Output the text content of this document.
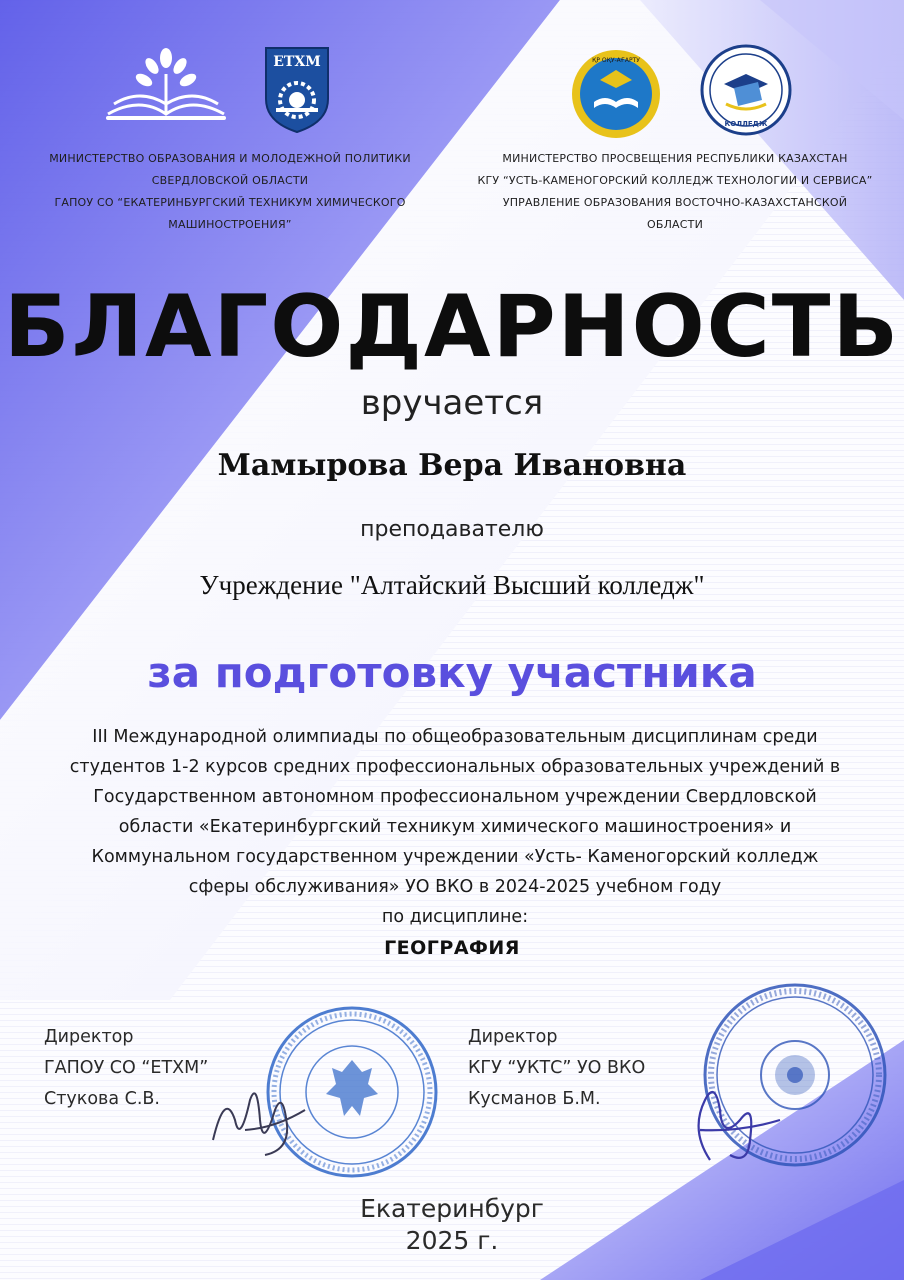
ЕТХМ	ҚР ОҚУ-АҒАРТУ
КОЛЛЕДЖ
МИНИСТЕРСТВО ОБРАЗОВАНИЯ И МОЛОДЕЖНОЙ ПОЛИТИКИ
СВЕРДЛОВСКОЙ ОБЛАСТИ
ГАПОУ СО “ЕКАТЕРИНБУРГСКИЙ ТЕХНИКУМ ХИМИЧЕСКОГО
МАШИНОСТРОЕНИЯ”
МИНИСТЕРСТВО ПРОСВЕЩЕНИЯ РЕСПУБЛИКИ КАЗАХСТАН
КГУ “УСТЬ-КАМЕНОГОРСКИЙ КОЛЛЕДЖ ТЕХНОЛОГИИ И СЕРВИСА”
УПРАВЛЕНИЕ ОБРАЗОВАНИЯ ВОСТОЧНО-КАЗАХСТАНСКОЙ
ОБЛАСТИ
БЛАГОДАРНОСТЬ
вручается
Мамырова Вера Ивановна
преподавателю
Учреждение "Алтайский Высший колледж"
за подготовку участника
III Международной олимпиады по общеобразовательным дисциплинам среди
студентов 1-2 курсов средних профессиональных образовательных учреждений в
Государственном автономном профессиональном учреждении Свердловской
области «Екатеринбургский техникум химического машиностроения» и
Коммунальном государственном учреждении «Усть- Каменогорский колледж
сферы обслуживания» УО ВКО в 2024-2025 учебном году
по дисциплине:
ГЕОГРАФИЯ
Директор
ГАПОУ СО “ЕТХМ”
Стукова С.В.
Директор
КГУ “УКТС” УО ВКО
Кусманов Б.М.
Екатеринбург
2025 г.
